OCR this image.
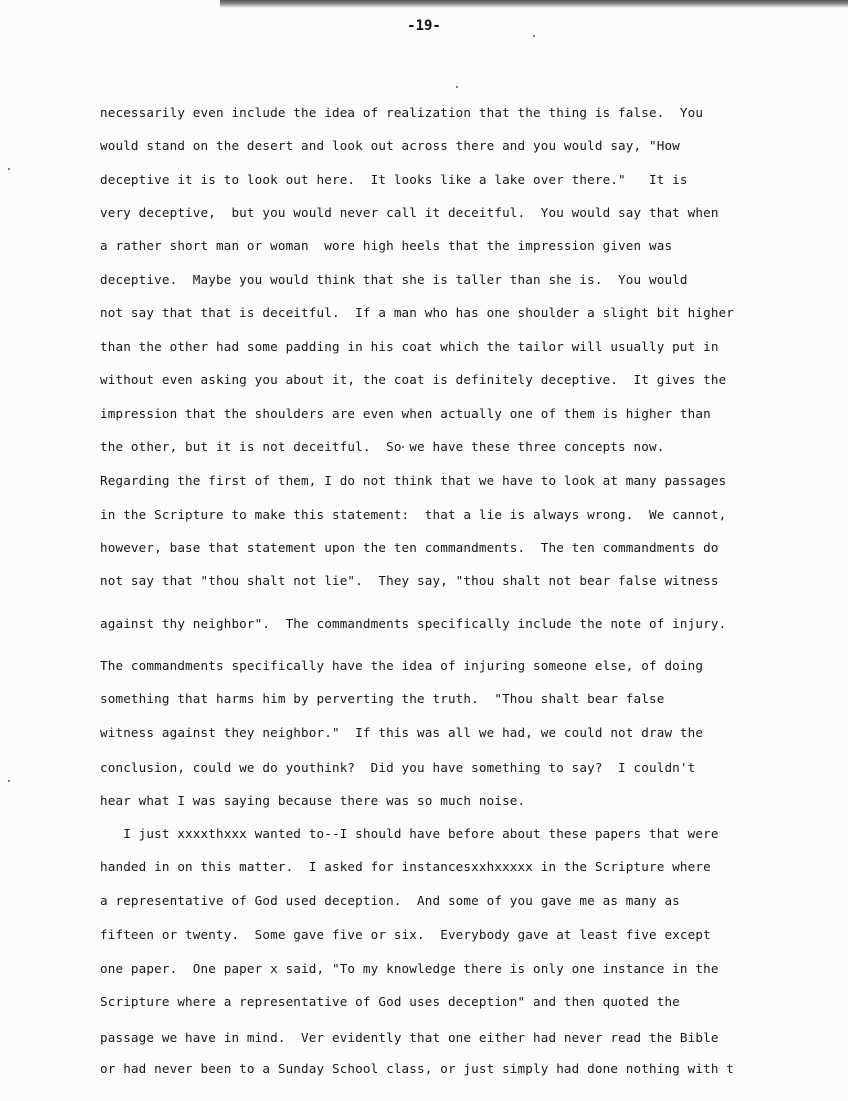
-19-
necessarily even include the idea of realization that the thing is false.  You
would stand on the desert and look out across there and you would say, "How
deceptive it is to look out here.  It looks like a lake over there."   It is
very deceptive,  but you would never call it deceitful.  You would say that when
a rather short man or woman  wore high heels that the impression given was
deceptive.  Maybe you would think that she is taller than she is.  You would
not say that that is deceitful.  If a man who has one shoulder a slight bit higher
than the other had some padding in his coat which the tailor will usually put in
without even asking you about it, the coat is definitely deceptive.  It gives the
impression that the shoulders are even when actually one of them is higher than
the other, but it is not deceitful.  So we have these three concepts now.
Regarding the first of them, I do not think that we have to look at many passages
in the Scripture to make this statement:  that a lie is always wrong.  We cannot,
however, base that statement upon the ten commandments.  The ten commandments do
not say that "thou shalt not lie".  They say, "thou shalt not bear false witness
against thy neighbor".  The commandments specifically include the note of injury.
The commandments specifically have the idea of injuring someone else, of doing
something that harms him by perverting the truth.  "Thou shalt bear false
witness against they neighbor."  If this was all we had, we could not draw the
conclusion, could we do youthink?  Did you have something to say?  I couldn't
hear what I was saying because there was so much noise.
I just xxxxthxxx wanted to--I should have before about these papers that were
handed in on this matter.  I asked for instancesxxhxxxxx in the Scripture where
a representative of God used deception.  And some of you gave me as many as
fifteen or twenty.  Some gave five or six.  Everybody gave at least five except
one paper.  One paper x said, "To my knowledge there is only one instance in the
Scripture where a representative of God uses deception" and then quoted the
passage we have in mind.  Ver evidently that one either had never read the Bible
or had never been to a Sunday School class, or just simply had done nothing with t
